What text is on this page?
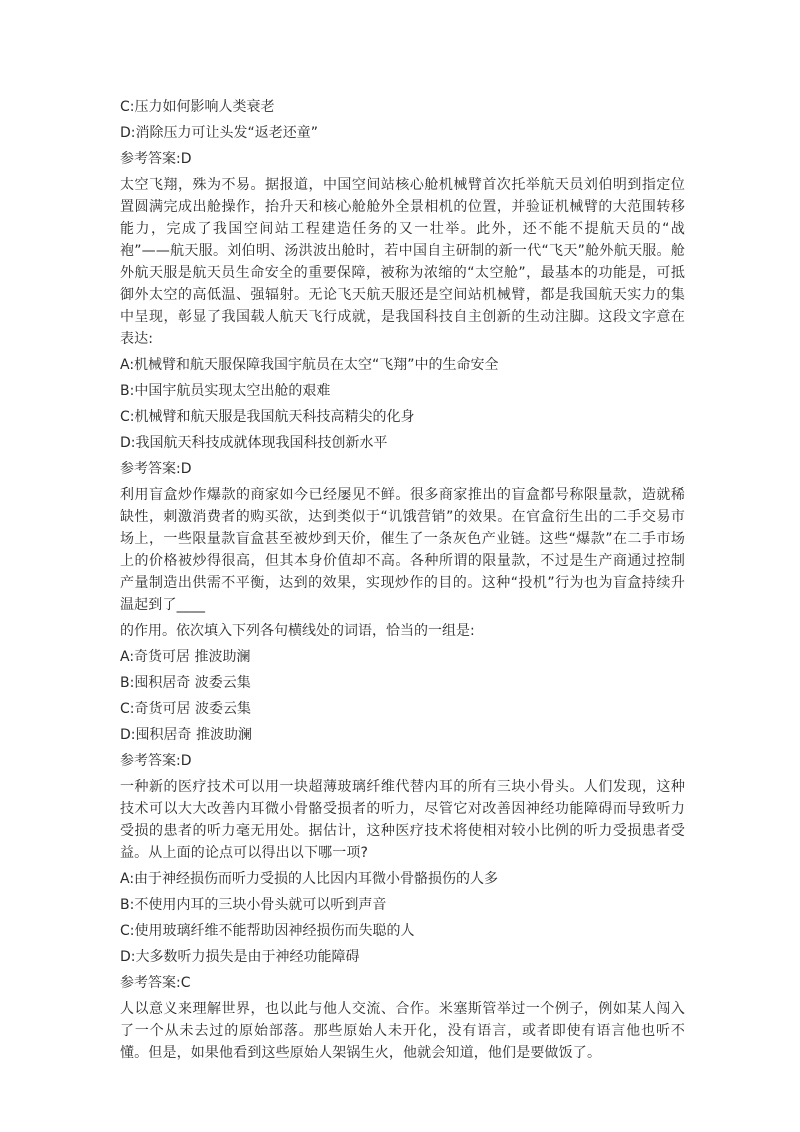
C:压力如何影响人类衰老
D:消除压力可让头发“返老还童”
参考答案:D
太空飞翔，殊为不易。据报道，中国空间站核心舱机械臂首次托举航天员刘伯明到指定位置圆满完成出舱操作，抬升天和核心舱舱外全景相机的位置，并验证机械臂的大范围转移能力，完成了我国空间站工程建造任务的又一壮举。此外，还不能不提航天员的“战袍”——航天服。刘伯明、汤洪波出舱时，若中国自主研制的新一代“飞天”舱外航天服。舱外航天服是航天员生命安全的重要保障，被称为浓缩的“太空舱”，最基本的功能是，可抵御外太空的高低温、强辐射。无论飞天航天服还是空间站机械臂，都是我国航天实力的集中呈现，彰显了我国载人航天飞行成就，是我国科技自主创新的生动注脚。这段文字意在表达:
A:机械臂和航天服保障我国宇航员在太空“飞翔”中的生命安全
B:中国宇航员实现太空出舱的艰难
C:机械臂和航天服是我国航天科技高精尖的化身
D:我国航天科技成就体现我国科技创新水平
参考答案:D
利用盲盒炒作爆款的商家如今已经屡见不鲜。很多商家推出的盲盒都号称限量款，造就稀缺性，刺激消费者的购买欲，达到类似于“讥饿营销”的效果。在官盒衍生出的二手交易市场上，一些限量款盲盒甚至被炒到天价，催生了一条灰色产业链。这些“爆款”在二手市场上的价格被炒得很高，但其本身价值却不高。各种所谓的限量款，不过是生产商通过控制产量制造出供需不平衡，达到的效果，实现炒作的目的。这种“投机”行为也为盲盒持续升温起到了____
的作用。依次填入下列各句横线处的词语，恰当的一组是:
A:奇货可居 推波助澜
B:囤积居奇 波委云集
C:奇货可居 波委云集
D:囤积居奇 推波助澜
参考答案:D
一种新的医疗技术可以用一块超薄玻璃纤维代替内耳的所有三块小骨头。人们发现，这种技术可以大大改善内耳微小骨骼受损者的听力，尽管它对改善因神经功能障碍而导致听力受损的患者的听力毫无用处。据估计，这种医疗技术将使相对较小比例的听力受损患者受益。从上面的论点可以得出以下哪一项?
A:由于神经损伤而听力受损的人比因内耳微小骨骼损伤的人多
B:不使用内耳的三块小骨头就可以听到声音
C:使用玻璃纤维不能帮助因神经损伤而失聪的人
D:大多数听力损失是由于神经功能障碍
参考答案:C
人以意义来理解世界，也以此与他人交流、合作。米塞斯管举过一个例子，例如某人闯入了一个从未去过的原始部落。那些原始人未开化，没有语言，或者即使有语言他也听不懂。但是，如果他看到这些原始人架锅生火，他就会知道，他们是要做饭了。
